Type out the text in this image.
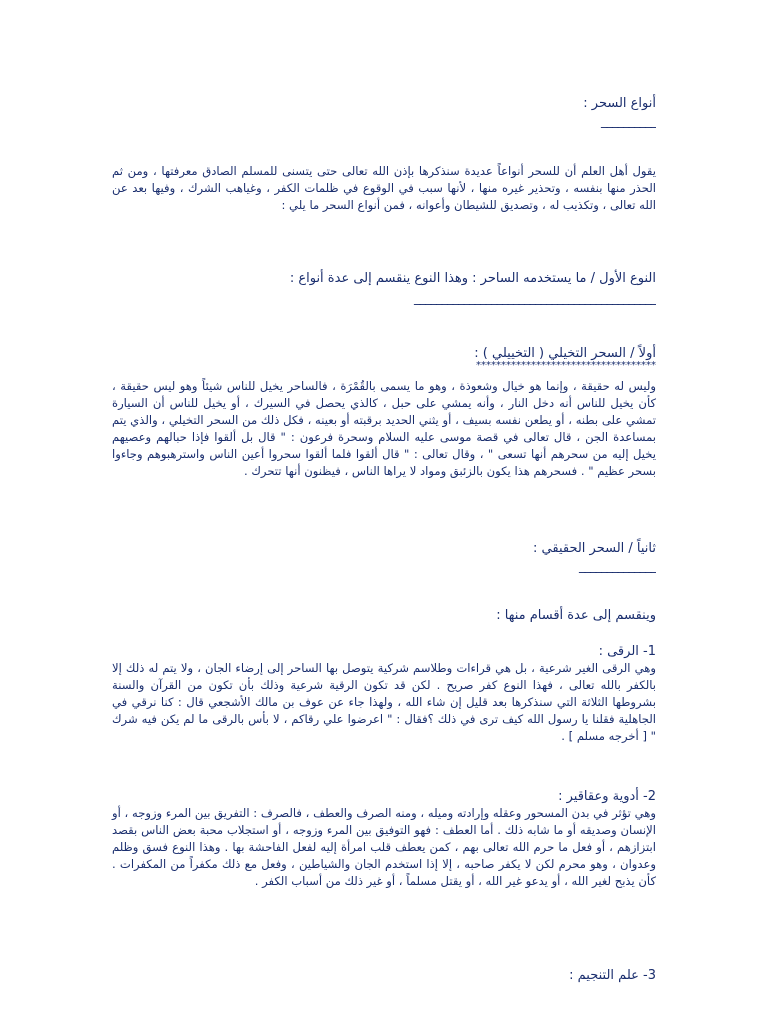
أنواع السحر :
__________
يقول أهل العلم أن للسحر أنواعاً عديدة سنذكرها بإذن الله تعالى حتى يتسنى للمسلم الصادق معرفتها ، ومن ثم الحذر منها بنفسه ، وتحذير غيره منها ، لأنها سبب في الوقوع في ظلمات الكفر ، وغياهب الشرك ، وفيها بعد عن الله تعالى ، وتكذيب له ، وتصديق للشيطان وأعوانه ، فمن أنواع السحر ما يلي :
النوع الأول / ما يستخدمه الساحر : وهذا النوع ينقسم إلى عدة أنواع :
____________________________________________
أولاً / السحر التخيلي ( التخييلي ) :
************************************
وليس له حقيقة ، وإنما هو خيال وشعوذة ، وهو ما يسمى بالقُمْرَة ، فالساحر يخيل للناس شيئاً وهو ليس حقيقة ، كأن يخيل للناس أنه دخل النار ، وأنه يمشي على حبل ، كالذي يحصل في السيرك ، أو يخيل للناس أن السيارة تمشي على بطنه ، أو يطعن نفسه بسيف ، أو يثني الحديد برقبته أو بعينه ، فكل ذلك من السحر التخيلي ، والذي يتم بمساعدة الجن ، قال تعالى في قصة موسى عليه السلام وسحرة فرعون : " قال بل ألقوا فإذا حبالهم وعصيهم يخيل إليه من سحرهم أنها تسعى " ، وقال تعالى : " قال ألقوا فلما ألقوا سحروا أعين الناس واسترهبوهم وجاءوا بسحر عظيم " . فسحرهم هذا يكون بالزئبق ومواد لا يراها الناس ، فيظنون أنها تتحرك .
ثانياً / السحر الحقيقي :
______________
وينقسم إلى عدة أقسام منها :
1- الرقى :
وهي الرقى الغير شرعية ، بل هي قراءات وطلاسم شركية يتوصل بها الساحر إلى إرضاء الجان ، ولا يتم له ذلك إلا بالكفر بالله تعالى ، فهذا النوع كفر صريح . لكن قد تكون الرقية شرعية وذلك بأن تكون من القرآن والسنة بشروطها الثلاثة التي سنذكرها بعد قليل إن شاء الله ، ولهذا جاء عن عوف بن مالك الأشجعي قال : كنا نرقي في الجاهلية فقلنا يا رسول الله كيف ترى في ذلك ؟فقال : " اعرضوا علي رقاكم ، لا بأس بالرقى ما لم يكن فيه شرك " [ أخرجه مسلم ] .
2- أدوية وعقاقير :
وهي تؤثر في بدن المسحور وعقله وإرادته وميله ، ومنه الصرف والعطف ، فالصرف : التفريق بين المرء وزوجه ، أو الإنسان وصديقه أو ما شابه ذلك . أما العطف : فهو التوفيق بين المرء وزوجه ، أو استجلاب محبة بعض الناس بقصد ابتزازهم ، أو فعل ما حرم الله تعالى بهم ، كمن يعطف قلب امرأة إليه لفعل الفاحشة بها . وهذا النوع فسق وظلم وعدوان ، وهو محرم لكن لا يكفر صاحبه ، إلا إذا استخدم الجان والشياطين ، وفعل مع ذلك مكفراً من المكفرات . كأن يذبح لغير الله ، أو يدعو غير الله ، أو يقتل مسلماً ، أو غير ذلك من أسباب الكفر .
3- علم التنجيم :
